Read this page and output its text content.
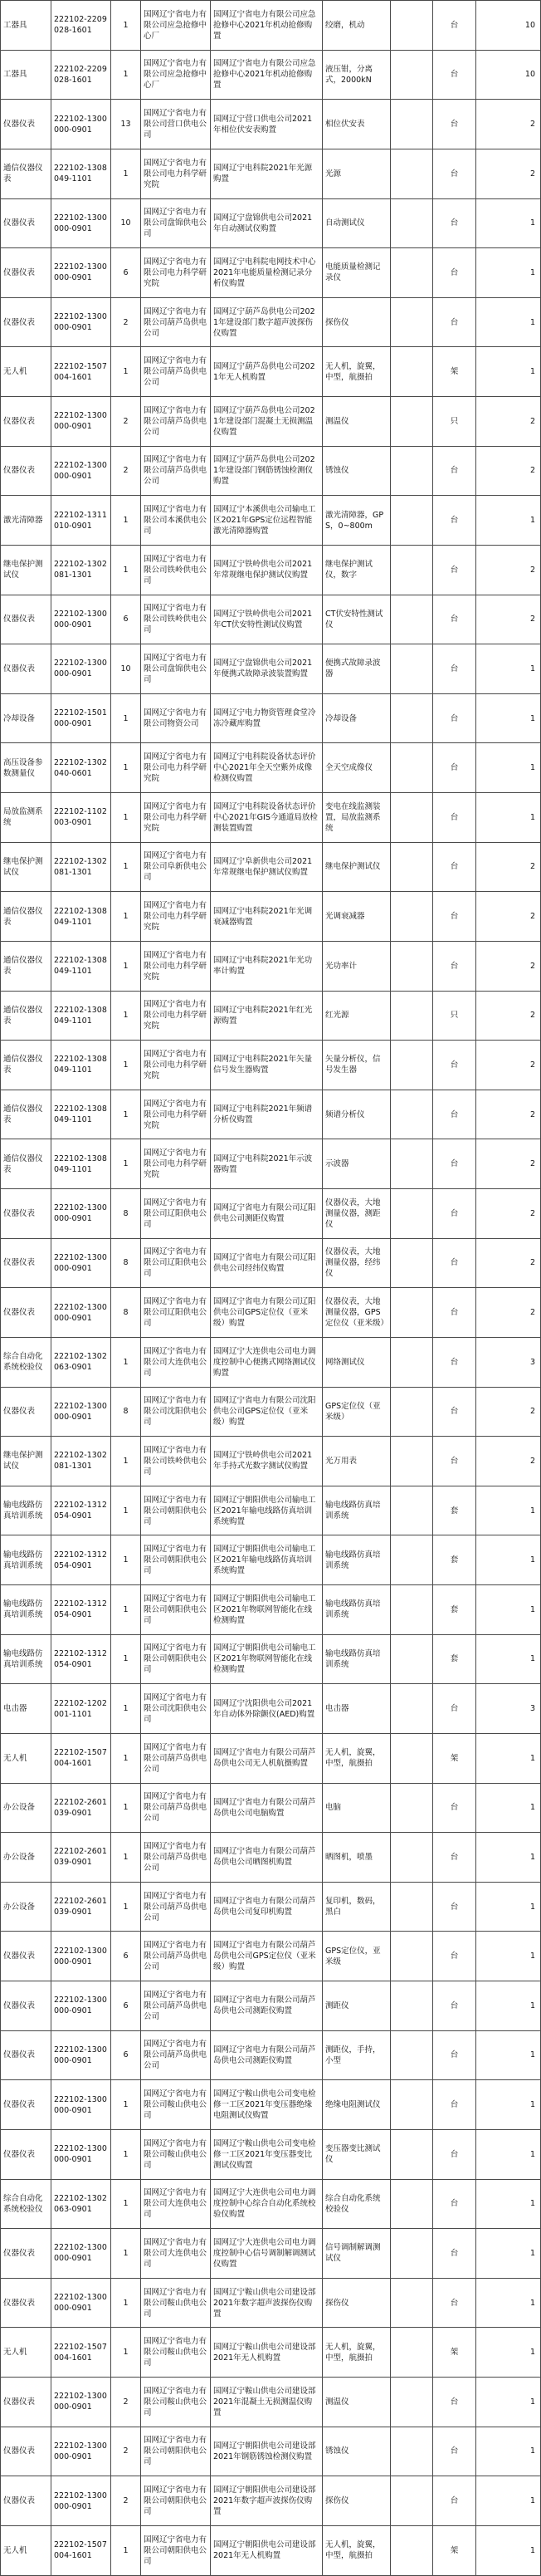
工器具	222102-2209028-1601	1	国网辽宁省电力有限公司应急抢修中心厂	国网辽宁省电力有限公司应急抢修中心2021年机动抢修购置	绞磨，机动		台	10
工器具	222102-2209028-1601	1	国网辽宁省电力有限公司应急抢修中心厂	国网辽宁省电力有限公司应急抢修中心2021年机动抢修购置	液压钳，分离式，2000kN		台	10
仪器仪表	222102-1300000-0901	13	国网辽宁省电力有限公司营口供电公司	国网辽宁营口供电公司2021年相位伏安表购置	相位伏安表		台	2
通信仪器仪表	222102-1308049-1101	1	国网辽宁省电力有限公司电力科学研究院	国网辽宁电科院2021年光源购置	光源		台	2
仪器仪表	222102-1300000-0901	10	国网辽宁省电力有限公司盘锦供电公司	国网辽宁盘锦供电公司2021年自动测试仪购置	自动测试仪		台	1
仪器仪表	222102-1300000-0901	6	国网辽宁省电力有限公司电力科学研究院	国网辽宁电科院电网技术中心2021年电能质量检测记录分析仪购置	电能质量检测记录仪		台	1
仪器仪表	222102-1300000-0901	2	国网辽宁省电力有限公司葫芦岛供电公司	国网辽宁葫芦岛供电公司2021年建设部门数字超声波探伤仪购置	探伤仪		台	1
无人机	222102-1507004-1601	1	国网辽宁省电力有限公司葫芦岛供电公司	国网辽宁葫芦岛供电公司2021年无人机购置	无人机，旋翼，中型，航摄拍		架	1
仪器仪表	222102-1300000-0901	2	国网辽宁省电力有限公司葫芦岛供电公司	国网辽宁葫芦岛供电公司2021年建设部门混凝土无损测温仪购置	测温仪		只	2
仪器仪表	222102-1300000-0901	2	国网辽宁省电力有限公司葫芦岛供电公司	国网辽宁葫芦岛供电公司2021年建设部门钢筋锈蚀检测仪购置	锈蚀仪		台	2
激光清障器	222102-1311010-0901	1	国网辽宁省电力有限公司本溪供电公司	国网辽宁本溪供电公司输电工区2021年GPS定位远程智能激光清障器购置	激光清障器，GPS，0~800m		台	1
继电保护测试仪	222102-1302081-1301	1	国网辽宁省电力有限公司铁岭供电公司	国网辽宁铁岭供电公司2021年常规继电保护测试仪购置	继电保护测试仪，数字		台	2
仪器仪表	222102-1300000-0901	6	国网辽宁省电力有限公司铁岭供电公司	国网辽宁铁岭供电公司2021年CT伏安特性测试仪购置	CT伏安特性测试仪		台	2
仪器仪表	222102-1300000-0901	10	国网辽宁省电力有限公司盘锦供电公司	国网辽宁盘锦供电公司2021年便携式故障录波装置购置	便携式故障录波器		台	1
冷却设备	222102-1501000-0901	1	国网辽宁省电力有限公司物资公司	国网辽宁电力物资管理食堂冷冻冷藏库购置	冷却设备		台	1
高压设备参数测量仪	222102-1302040-0601	1	国网辽宁省电力有限公司电力科学研究院	国网辽宁电科院设备状态评价中心2021年全天空紫外成像检测仪购置	全天空成像仪		台	1
局放监测系统	222102-1102003-0901	1	国网辽宁省电力有限公司电力科学研究院	国网辽宁电科院设备状态评价中心2021年GIS今通道局放检测装置购置	变电在线监测装置，局放监测系统		台	1
继电保护测试仪	222102-1302081-1301	1	国网辽宁省电力有限公司阜新供电公司	国网辽宁阜新供电公司2021年常规继电保护测试仪购置	继电保护测试仪		台	2
通信仪器仪表	222102-1308049-1101	1	国网辽宁省电力有限公司电力科学研究院	国网辽宁电科院2021年光调衰减器购置	光调衰减器		台	2
通信仪器仪表	222102-1308049-1101	1	国网辽宁省电力有限公司电力科学研究院	国网辽宁电科院2021年光功率计购置	光功率计		台	2
通信仪器仪表	222102-1308049-1101	1	国网辽宁省电力有限公司电力科学研究院	国网辽宁电科院2021年红光源购置	红光源		只	2
通信仪器仪表	222102-1308049-1101	1	国网辽宁省电力有限公司电力科学研究院	国网辽宁电科院2021年矢量信号发生器购置	矢量分析仪，信号发生器		台	2
通信仪器仪表	222102-1308049-1101	1	国网辽宁省电力有限公司电力科学研究院	国网辽宁电科院2021年频谱分析仪购置	频谱分析仪		台	2
通信仪器仪表	222102-1308049-1101	1	国网辽宁省电力有限公司电力科学研究院	国网辽宁电科院2021年示波器购置	示波器		台	2
仪器仪表	222102-1300000-0901	8	国网辽宁省电力有限公司辽阳供电公司	国网辽宁省电力有限公司辽阳供电公司测距仪购置	仪器仪表，大地测量仪器，测距仪		台	2
仪器仪表	222102-1300000-0901	8	国网辽宁省电力有限公司辽阳供电公司	国网辽宁省电力有限公司辽阳供电公司经纬仪购置	仪器仪表，大地测量仪器，经纬仪		台	2
仪器仪表	222102-1300000-0901	8	国网辽宁省电力有限公司辽阳供电公司	国网辽宁省电力有限公司辽阳供电公司GPS定位仪（亚米级）购置	仪器仪表，大地测量仪器，GPS定位仪（亚米级）		台	2
综合自动化系统校验仪	222102-1302063-0901	1	国网辽宁省电力有限公司大连供电公司	国网辽宁大连供电公司电力调度控制中心便携式网络测试仪购置	网络测试仪		台	3
仪器仪表	222102-1300000-0901	8	国网辽宁省电力有限公司沈阳供电公司	国网辽宁省电力有限公司沈阳供电公司GPS定位仪（亚米级）购置	GPS定位仪（亚米级）		台	2
继电保护测试仪	222102-1302081-1301	1	国网辽宁省电力有限公司铁岭供电公司	国网辽宁铁岭供电公司2021年手持式光数字测试仪购置	光万用表		台	2
输电线路仿真培训系统	222102-1312054-0901	1	国网辽宁省电力有限公司朝阳供电公司	国网辽宁朝阳供电公司输电工区2021年输电线路仿真培训系统购置	输电线路仿真培训系统		套	1
输电线路仿真培训系统	222102-1312054-0901	1	国网辽宁省电力有限公司朝阳供电公司	国网辽宁朝阳供电公司输电工区2021年输电线路仿真培训系统购置	输电线路仿真培训系统		套	1
输电线路仿真培训系统	222102-1312054-0901	1	国网辽宁省电力有限公司朝阳供电公司	国网辽宁朝阳供电公司输电工区2021年物联网智能化在线检测购置	输电线路仿真培训系统		套	1
输电线路仿真培训系统	222102-1312054-0901	1	国网辽宁省电力有限公司朝阳供电公司	国网辽宁朝阳供电公司输电工区2021年物联网智能化在线检测购置	输电线路仿真培训系统		套	1
电击器	222102-1202001-1101	1	国网辽宁省电力有限公司沈阳供电公司	国网辽宁沈阳供电公司2021年自动体外除颤仪(AED)购置	电击器		台	3
无人机	222102-1507004-1601	1	国网辽宁省电力有限公司葫芦岛供电公司	国网辽宁省电力有限公司葫芦岛供电公司无人机航摄购置	无人机，旋翼，中型，航摄拍		架	1
办公设备	222102-2601039-0901	1	国网辽宁省电力有限公司葫芦岛供电公司	国网辽宁省电力有限公司葫芦岛供电公司电脑购置	电脑		台	1
办公设备	222102-2601039-0901	1	国网辽宁省电力有限公司葫芦岛供电公司	国网辽宁省电力有限公司葫芦岛供电公司晒图机购置	晒图机，喷墨		台	1
办公设备	222102-2601039-0901	1	国网辽宁省电力有限公司葫芦岛供电公司	国网辽宁省电力有限公司葫芦岛供电公司复印机购置	复印机，数码，黑白		台	1
仪器仪表	222102-1300000-0901	6	国网辽宁省电力有限公司葫芦岛供电公司	国网辽宁省电力有限公司葫芦岛供电公司GPS定位仪（亚米级）购置	GPS定位仪，亚米级		台	1
仪器仪表	222102-1300000-0901	6	国网辽宁省电力有限公司葫芦岛供电公司	国网辽宁省电力有限公司葫芦岛供电公司测距仪购置	测距仪		台	1
仪器仪表	222102-1300000-0901	6	国网辽宁省电力有限公司葫芦岛供电公司	国网辽宁省电力有限公司葫芦岛供电公司测距仪购置	测距仪，手持，小型		台	1
仪器仪表	222102-1300000-0901	1	国网辽宁省电力有限公司鞍山供电公司	国网辽宁鞍山供电公司变电检修一工区2021年变压器绝缘电阻测试仪购置	绝缘电阻测试仪		台	1
仪器仪表	222102-1300000-0901	1	国网辽宁省电力有限公司鞍山供电公司	国网辽宁鞍山供电公司变电检修一工区2021年变压器变比测试仪购置	变压器变比测试仪		台	1
综合自动化系统校验仪	222102-1302063-0901	1	国网辽宁省电力有限公司大连供电公司	国网辽宁大连供电公司电力调度控制中心综合自动化系统校验仪购置	综合自动化系统校验仪		台	1
仪器仪表	222102-1300000-0901	1	国网辽宁省电力有限公司大连供电公司	国网辽宁大连供电公司电力调度控制中心信号调制解调测试仪购置	信号调制解调测试仪		台	1
仪器仪表	222102-1300000-0901	1	国网辽宁省电力有限公司鞍山供电公司	国网辽宁鞍山供电公司建设部2021年数字超声波探伤仪购置	探伤仪		台	1
无人机	222102-1507004-1601	1	国网辽宁省电力有限公司鞍山供电公司	国网辽宁鞍山供电公司建设部2021年无人机购置	无人机，旋翼，中型，航摄拍		架	1
仪器仪表	222102-1300000-0901	2	国网辽宁省电力有限公司鞍山供电公司	国网辽宁鞍山供电公司建设部2021年混凝土无损测温仪购置	测温仪		台	1
仪器仪表	222102-1300000-0901	2	国网辽宁省电力有限公司朝阳供电公司	国网辽宁朝阳供电公司建设部2021年钢筋锈蚀检测仪购置	锈蚀仪		台	1
仪器仪表	222102-1300000-0901	2	国网辽宁省电力有限公司朝阳供电公司	国网辽宁朝阳供电公司建设部2021年数字超声波探伤仪购置	探伤仪		台	1
无人机	222102-1507004-1601	1	国网辽宁省电力有限公司朝阳供电公司	国网辽宁朝阳供电公司建设部2021年无人机购置	无人机，旋翼，中型，航摄拍		架	1
